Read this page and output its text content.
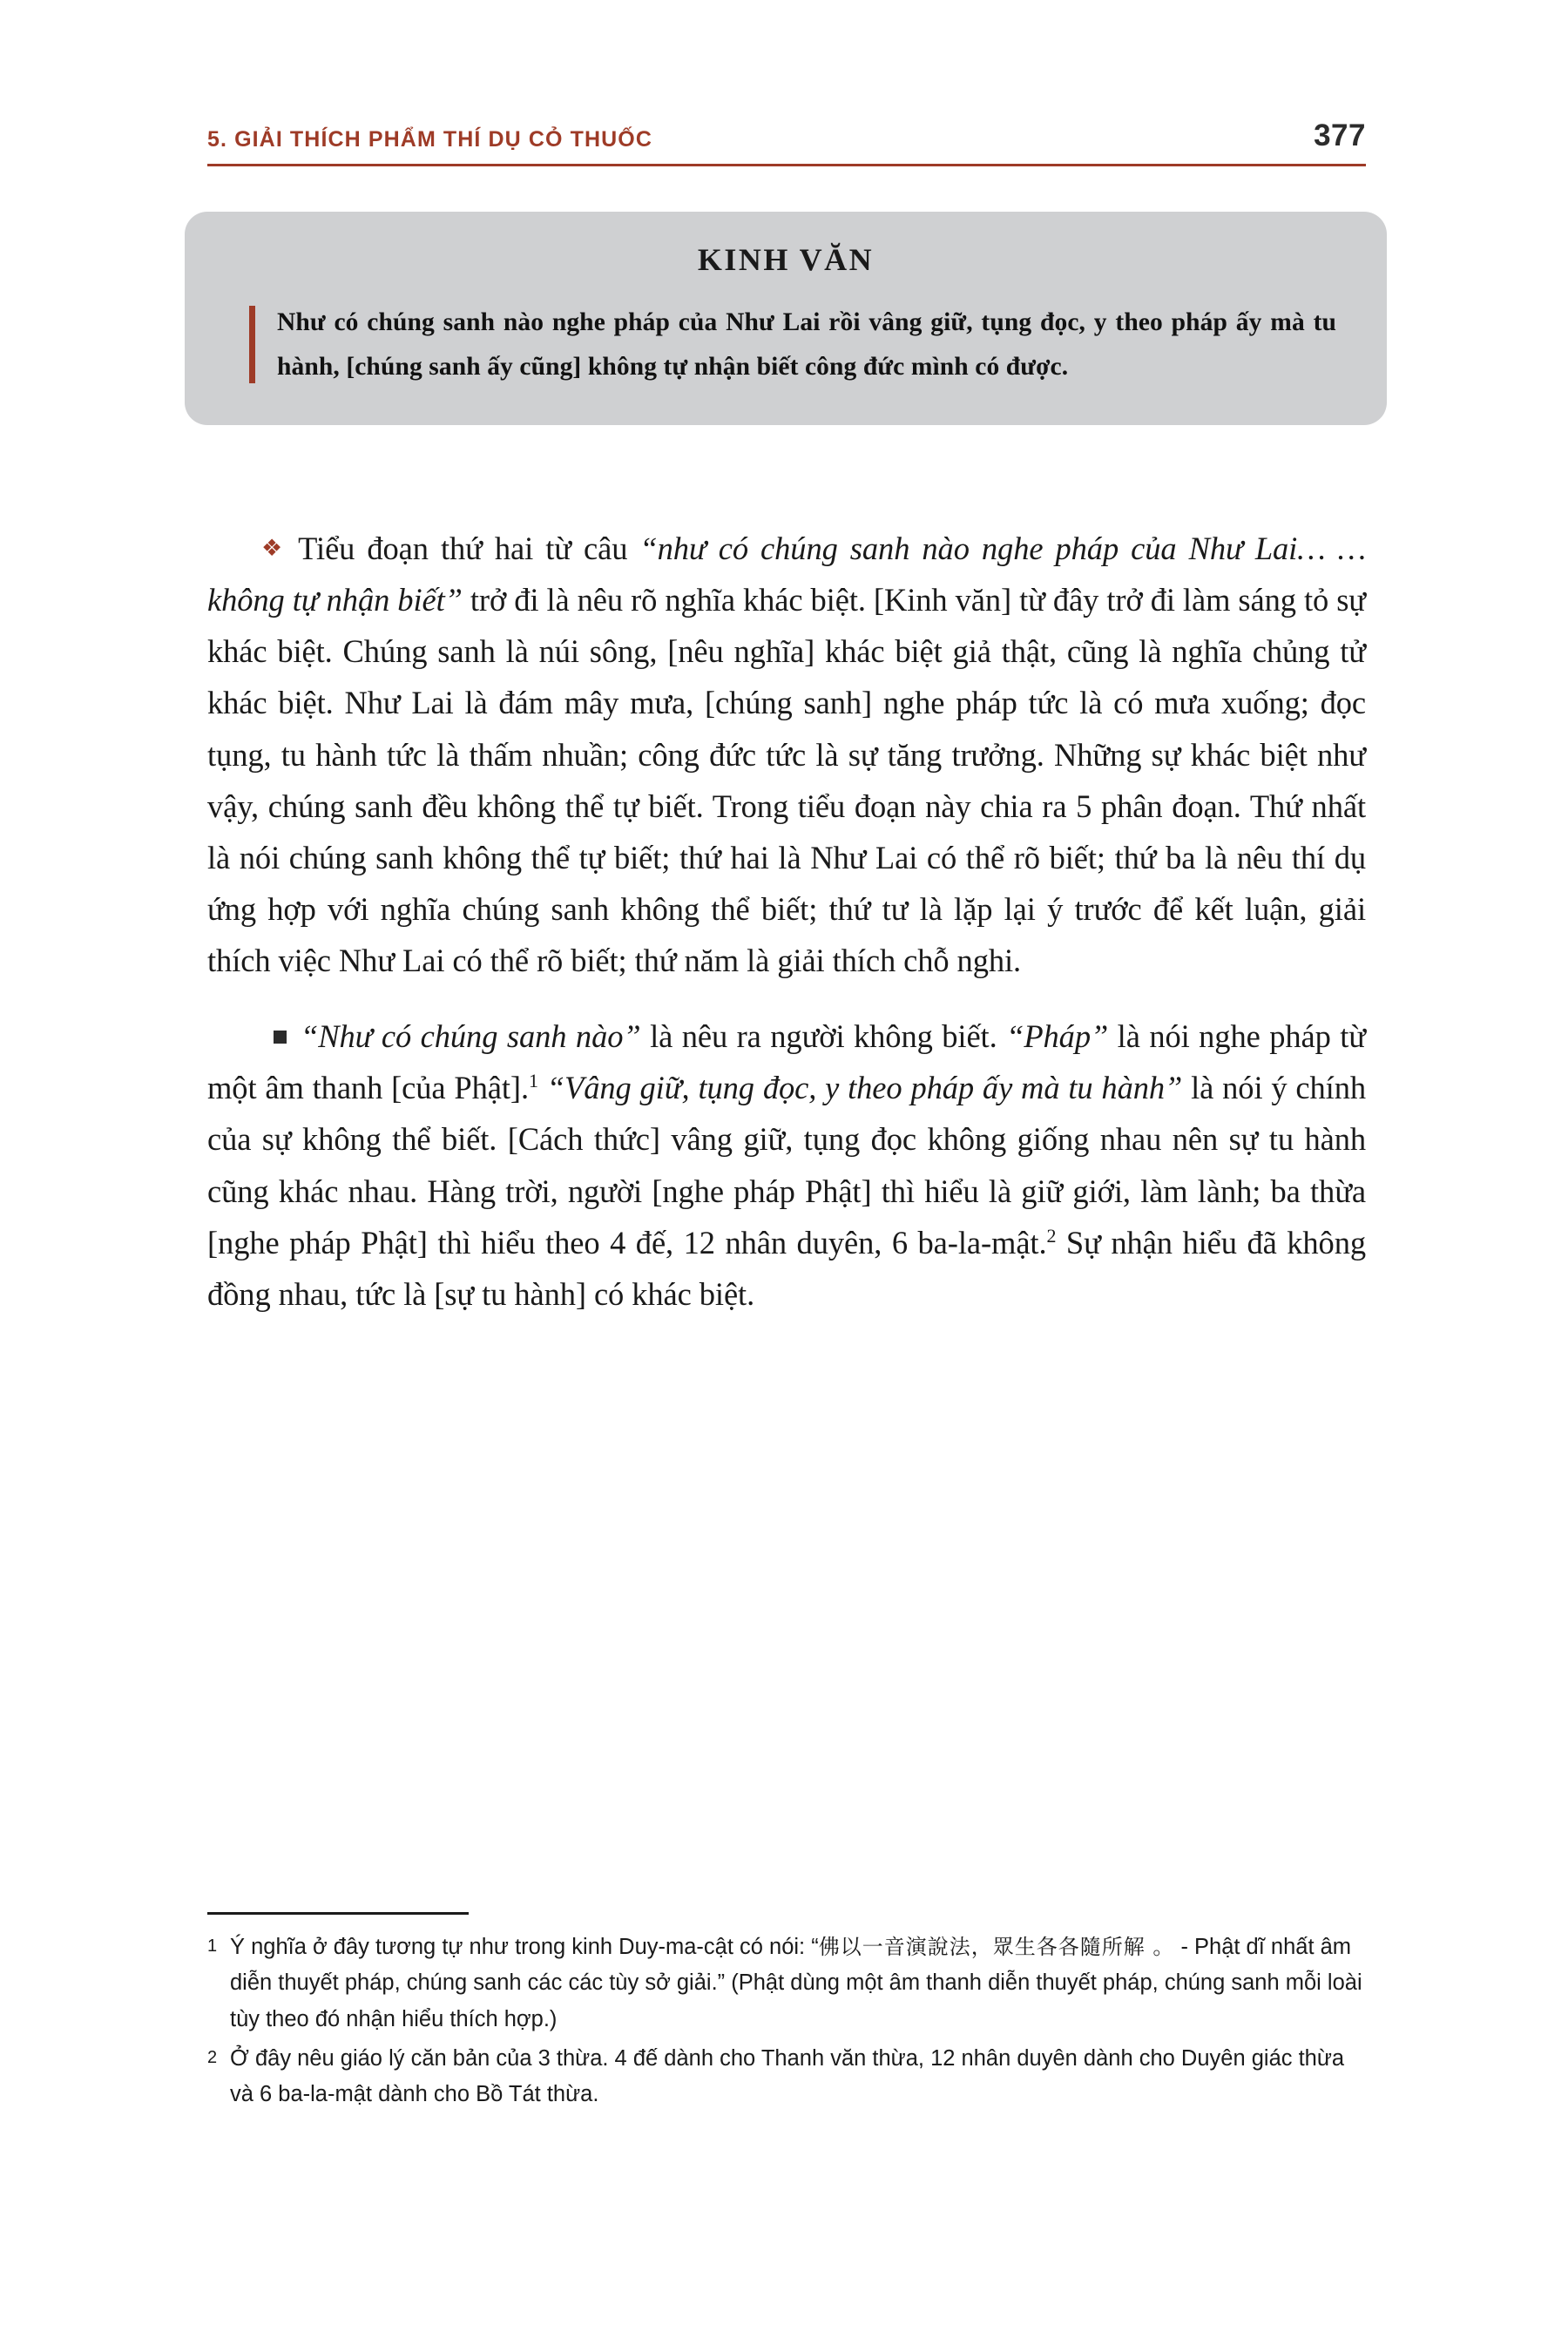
5. GIẢI THÍCH PHẨM THÍ DỤ CỎ THUỐC	377
KINH VĂN
Như có chúng sanh nào nghe pháp của Như Lai rồi vâng giữ, tụng đọc, y theo pháp ấy mà tu hành, [chúng sanh ấy cũng] không tự nhận biết công đức mình có được.

❖ Tiểu đoạn thứ hai từ câu “như có chúng sanh nào nghe pháp của Như Lai… …không tự nhận biết” trở đi là nêu rõ nghĩa khác biệt. [Kinh văn] từ đây trở đi làm sáng tỏ sự khác biệt. Chúng sanh là núi sông, [nêu nghĩa] khác biệt giả thật, cũng là nghĩa chủng tử khác biệt. Như Lai là đám mây mưa, [chúng sanh] nghe pháp tức là có mưa xuống; đọc tụng, tu hành tức là thấm nhuần; công đức tức là sự tăng trưởng. Những sự khác biệt như vậy, chúng sanh đều không thể tự biết. Trong tiểu đoạn này chia ra 5 phân đoạn. Thứ nhất là nói chúng sanh không thể tự biết; thứ hai là Như Lai có thể rõ biết; thứ ba là nêu thí dụ ứng hợp với nghĩa chúng sanh không thể biết; thứ tư là lặp lại ý trước để kết luận, giải thích việc Như Lai có thể rõ biết; thứ năm là giải thích chỗ nghi.

“Như có chúng sanh nào” là nêu ra người không biết. “Pháp” là nói nghe pháp từ một âm thanh [của Phật].$^1$ “Vâng giữ, tụng đọc, y theo pháp ấy mà tu hành” là nói ý chính của sự không thể biết. [Cách thức] vâng giữ, tụng đọc không giống nhau nên sự tu hành cũng khác nhau. Hàng trời, người [nghe pháp Phật] thì hiểu là giữ giới, làm lành; ba thừa [nghe pháp Phật] thì hiểu theo 4 đế, 12 nhân duyên, 6 ba-la-mật.$^2$ Sự nhận hiểu đã không đồng nhau, tức là [sự tu hành] có khác biệt.

1 Ý nghĩa ở đây tương tự như trong kinh Duy-ma-cật có nói: “佛以一音演說法，眾生各各隨所解 。 - Phật dĩ nhất âm diễn thuyết pháp, chúng sanh các các tùy sở giải.” (Phật dùng một âm thanh diễn thuyết pháp, chúng sanh mỗi loài tùy theo đó nhận hiểu thích hợp.)
2 Ở đây nêu giáo lý căn bản của 3 thừa. 4 đế dành cho Thanh văn thừa, 12 nhân duyên dành cho Duyên giác thừa và 6 ba-la-mật dành cho Bồ Tát thừa.
